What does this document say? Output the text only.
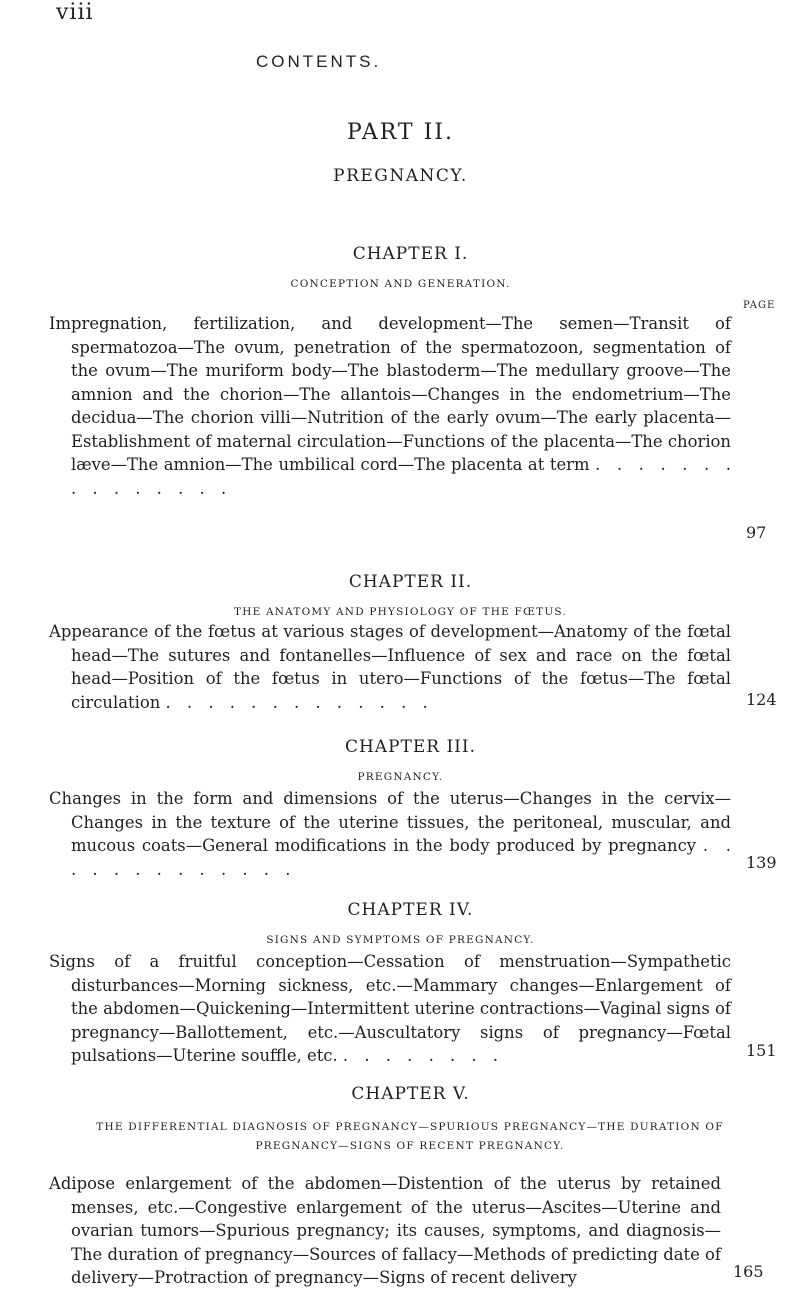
viii
CONTENTS.
PART II.
PREGNANCY.
CHAPTER I.
CONCEPTION AND GENERATION.
PAGE
Impregnation, fertilization, and development—The semen—Transit of spermatozoa—The ovum, penetration of the spermatozoon, segmentation of the ovum—The muriform body—The blastoderm—The medullary groove—The amnion and the chorion—The allantois—Changes in the endometrium—The decidua—The chorion villi—Nutrition of the early ovum—The early placenta—Establishment of maternal circulation—Functions of the placenta—The chorion læve—The amnion—The umbilical cord—The placenta at term . . . . . . . . . . . . . . .
97
CHAPTER II.
THE ANATOMY AND PHYSIOLOGY OF THE FŒTUS.
Appearance of the fœtus at various stages of development—Anatomy of the fœtal head—The sutures and fontanelles—Influence of sex and race on the fœtal head—Position of the fœtus in utero—Functions of the fœtus—The fœtal circulation . . . . . . . . . . . . .	124
CHAPTER III.
PREGNANCY.
Changes in the form and dimensions of the uterus—Changes in the cervix—Changes in the texture of the uterine tissues, the peritoneal, muscular, and mucous coats—General modifications in the body produced by pregnancy . . . . . . . . . . . . .	139
CHAPTER IV.
SIGNS AND SYMPTOMS OF PREGNANCY.
Signs of a fruitful conception—Cessation of menstruation—Sympathetic disturbances—Morning sickness, etc.—Mammary changes—Enlargement of the abdomen—Quickening—Intermittent uterine contractions—Vaginal signs of pregnancy—Ballottement, etc.—Auscultatory signs of pregnancy—Fœtal pulsations—Uterine souffle, etc. . . . . . . . .	151
CHAPTER V.
THE DIFFERENTIAL DIAGNOSIS OF PREGNANCY—SPURIOUS PREGNANCY—THE DURATION OF PREGNANCY—SIGNS OF RECENT PREGNANCY.
Adipose enlargement of the abdomen—Distention of the uterus by retained menses, etc.—Congestive enlargement of the uterus—Ascites—Uterine and ovarian tumors—Spurious pregnancy; its causes, symptoms, and diagnosis—The duration of pregnancy—Sources of fallacy—Methods of predicting date of delivery—Protraction of pregnancy—Signs of recent delivery	165
